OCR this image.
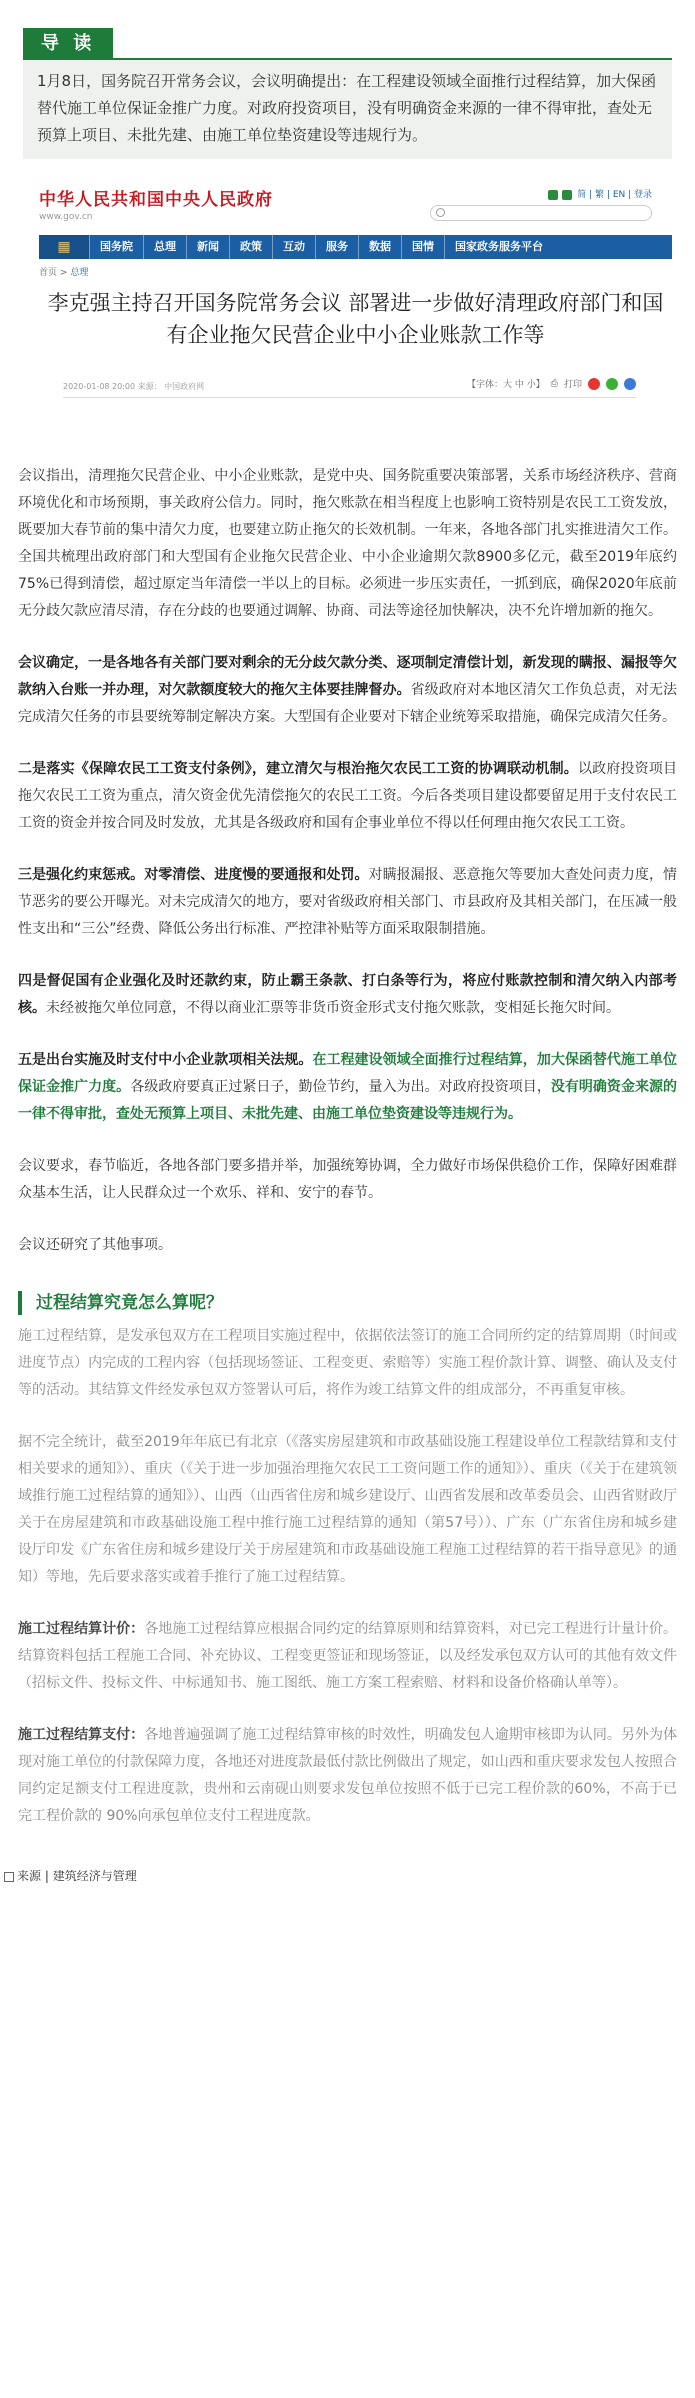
导 读
1月8日，国务院召开常务会议，会议明确提出：在工程建设领域全面推行过程结算，加大保函替代施工单位保证金推广力度。对政府投资项目，没有明确资金来源的一律不得审批，查处无预算上项目、未批先建、由施工单位垫资建设等违规行为。
中华人民共和国中央人民政府
www.gov.cn
简 | 繁 | EN | 登录
▦	国务院	总理	新闻	政策	互动	服务	数据	国情	国家政务服务平台
首页 > 总理
李克强主持召开国务院常务会议 部署进一步做好清理政府部门和国有企业拖欠民营企业中小企业账款工作等
2020-01-08 20:00 来源： 中国政府网	【字体：大 中 小】 ⎙ 打印

会议指出，清理拖欠民营企业、中小企业账款，是党中央、国务院重要决策部署，关系市场经济秩序、营商环境优化和市场预期，事关政府公信力。同时，拖欠账款在相当程度上也影响工资特别是农民工工资发放，既要加大春节前的集中清欠力度，也要建立防止拖欠的长效机制。一年来，各地各部门扎实推进清欠工作。全国共梳理出政府部门和大型国有企业拖欠民营企业、中小企业逾期欠款8900多亿元，截至2019年底约75%已得到清偿，超过原定当年清偿一半以上的目标。必须进一步压实责任，一抓到底，确保2020年底前无分歧欠款应清尽清，存在分歧的也要通过调解、协商、司法等途径加快解决，决不允许增加新的拖欠。

会议确定，一是各地各有关部门要对剩余的无分歧欠款分类、逐项制定清偿计划，新发现的瞒报、漏报等欠款纳入台账一并办理，对欠款额度较大的拖欠主体要挂牌督办。省级政府对本地区清欠工作负总责，对无法完成清欠任务的市县要统筹制定解决方案。大型国有企业要对下辖企业统筹采取措施，确保完成清欠任务。

二是落实《保障农民工工资支付条例》，建立清欠与根治拖欠农民工工资的协调联动机制。以政府投资项目拖欠农民工工资为重点，清欠资金优先清偿拖欠的农民工工资。今后各类项目建设都要留足用于支付农民工工资的资金并按合同及时发放，尤其是各级政府和国有企事业单位不得以任何理由拖欠农民工工资。

三是强化约束惩戒。对零清偿、进度慢的要通报和处罚。对瞒报漏报、恶意拖欠等要加大查处问责力度，情节恶劣的要公开曝光。对未完成清欠的地方，要对省级政府相关部门、市县政府及其相关部门，在压减一般性支出和“三公”经费、降低公务出行标准、严控津补贴等方面采取限制措施。

四是督促国有企业强化及时还款约束，防止霸王条款、打白条等行为，将应付账款控制和清欠纳入内部考核。未经被拖欠单位同意，不得以商业汇票等非货币资金形式支付拖欠账款，变相延长拖欠时间。

五是出台实施及时支付中小企业款项相关法规。在工程建设领域全面推行过程结算，加大保函替代施工单位保证金推广力度。各级政府要真正过紧日子，勤俭节约，量入为出。对政府投资项目，没有明确资金来源的一律不得审批，查处无预算上项目、未批先建、由施工单位垫资建设等违规行为。

会议要求，春节临近，各地各部门要多措并举，加强统筹协调，全力做好市场保供稳价工作，保障好困难群众基本生活，让人民群众过一个欢乐、祥和、安宁的春节。

会议还研究了其他事项。

过程结算究竟怎么算呢？

施工过程结算，是发承包双方在工程项目实施过程中，依据依法签订的施工合同所约定的结算周期（时间或进度节点）内完成的工程内容（包括现场签证、工程变更、索赔等）实施工程价款计算、调整、确认及支付等的活动。其结算文件经发承包双方签署认可后，将作为竣工结算文件的组成部分，不再重复审核。

据不完全统计，截至2019年年底已有北京（《落实房屋建筑和市政基础设施工程建设单位工程款结算和支付相关要求的通知》）、重庆（《关于进一步加强治理拖欠农民工工资问题工作的通知》）、重庆（《关于在建筑领域推行施工过程结算的通知》）、山西（山西省住房和城乡建设厅、山西省发展和改革委员会、山西省财政厅关于在房屋建筑和市政基础设施工程中推行施工过程结算的通知（第57号））、广东（广东省住房和城乡建设厅印发《广东省住房和城乡建设厅关于房屋建筑和市政基础设施工程施工过程结算的若干指导意见》的通知）等地，先后要求落实或着手推行了施工过程结算。

施工过程结算计价：各地施工过程结算应根据合同约定的结算原则和结算资料，对已完工程进行计量计价。结算资料包括工程施工合同、补充协议、工程变更签证和现场签证，以及经发承包双方认可的其他有效文件（招标文件、投标文件、中标通知书、施工图纸、施工方案工程索赔、材料和设备价格确认单等）。

施工过程结算支付：各地普遍强调了施工过程结算审核的时效性，明确发包人逾期审核即为认同。另外为体现对施工单位的付款保障力度，各地还对进度款最低付款比例做出了规定，如山西和重庆要求发包人按照合同约定足额支付工程进度款，贵州和云南砚山则要求发包单位按照不低于已完工程价款的60%，不高于已完工程价款的 90%向承包单位支付工程进度款。

来源 | 建筑经济与管理
